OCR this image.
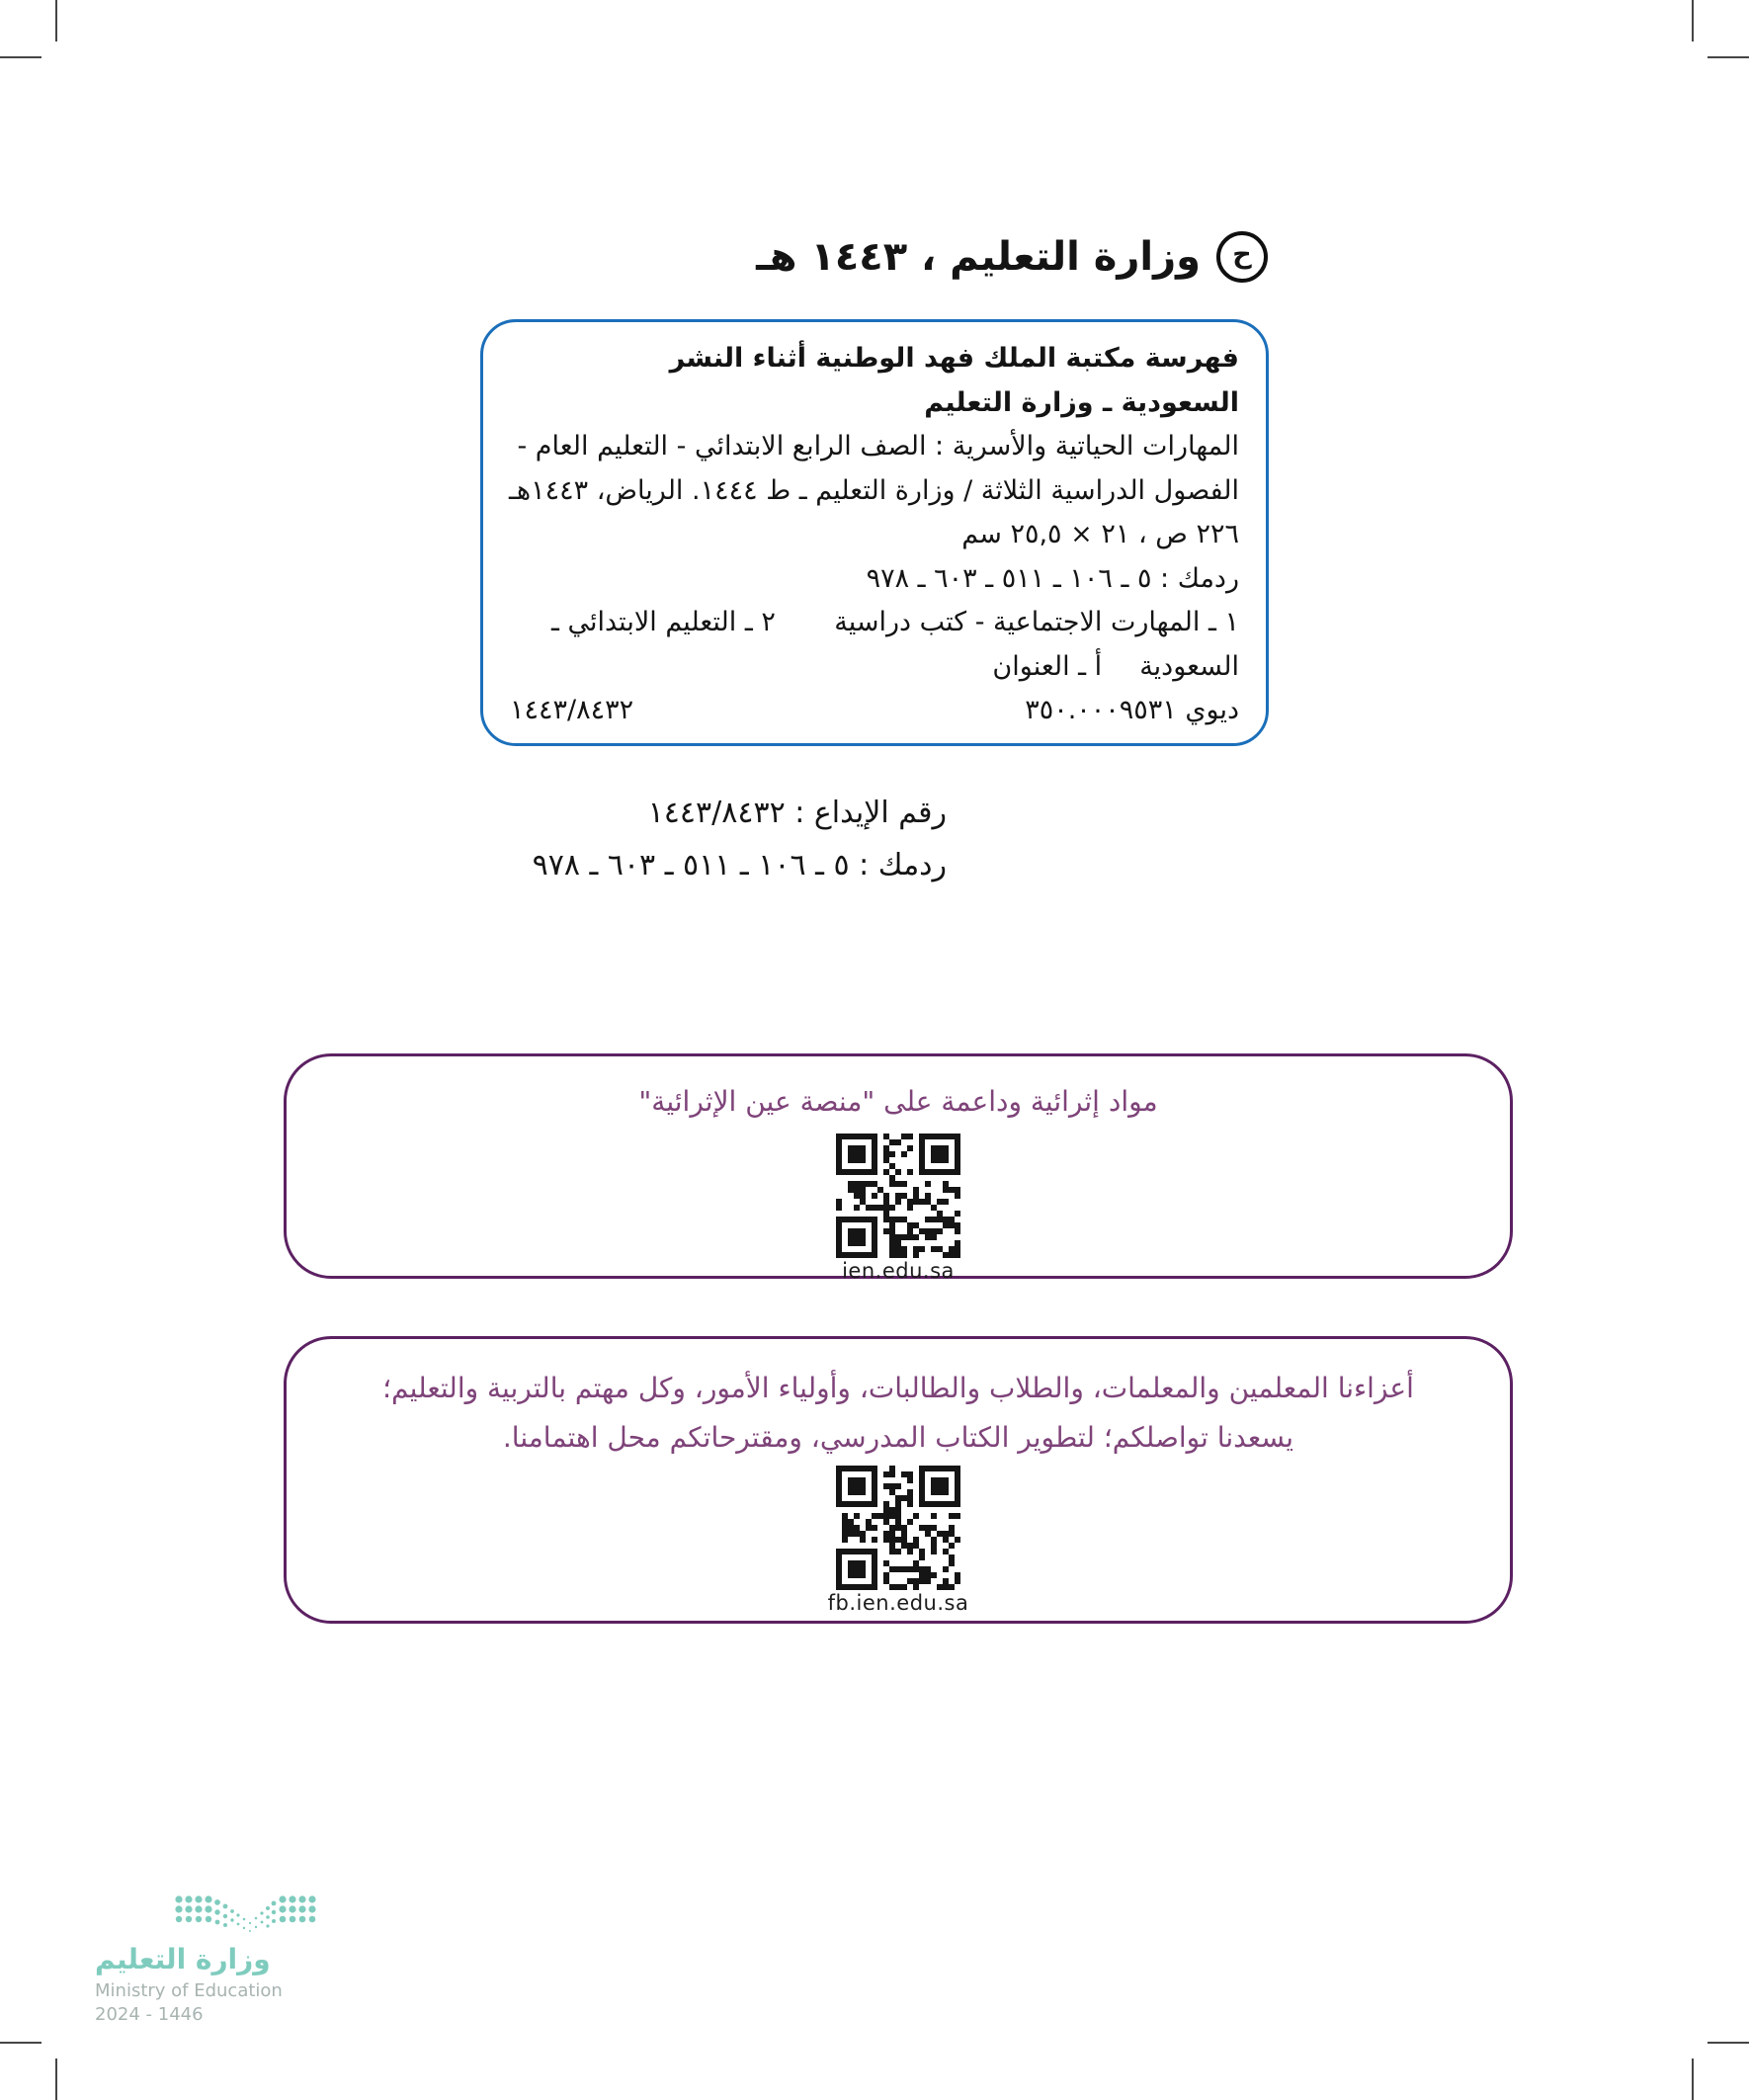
ح
وزارة التعليم ، ١٤٤٣ هـ
فهرسة مكتبة الملك فهد الوطنية أثناء النشر
السعودية ـ وزارة التعليم
المهارات الحياتية والأسرية : الصف الرابع الابتدائي - التعليم العام -
الفصول الدراسية الثلاثة / وزارة التعليم ـ ط ١٤٤٤. الرياض، ١٤٤٣هـ
٢٢٦ ص ، ٢١ × ٢٥,٥ سم
ردمك : ٥ ـ ١٠٦ ـ ٥١١ ـ ٦٠٣ ـ ٩٧٨
١ ـ المهارت الاجتماعية - كتب دراسية
٢ ـ التعليم الابتدائي ـ
السعودية
أ ـ العنوان
ديوي ٣٥٠.٠٠٠٩٥٣١
١٤٤٣/٨٤٣٢
رقم الإيداع : ١٤٤٣/٨٤٣٢
ردمك : ٥ ـ ١٠٦ ـ ٥١١ ـ ٦٠٣ ـ ٩٧٨
مواد إثرائية وداعمة على "منصة عين الإثرائية"
ien.edu.sa
أعزاءنا المعلمين والمعلمات، والطلاب والطالبات، وأولياء الأمور، وكل مهتم بالتربية والتعليم؛
يسعدنا تواصلكم؛ لتطوير الكتاب المدرسي، ومقترحاتكم محل اهتمامنا.
fb.ien.edu.sa
وزارة التعليم
Ministry of Education
2024 - 1446
